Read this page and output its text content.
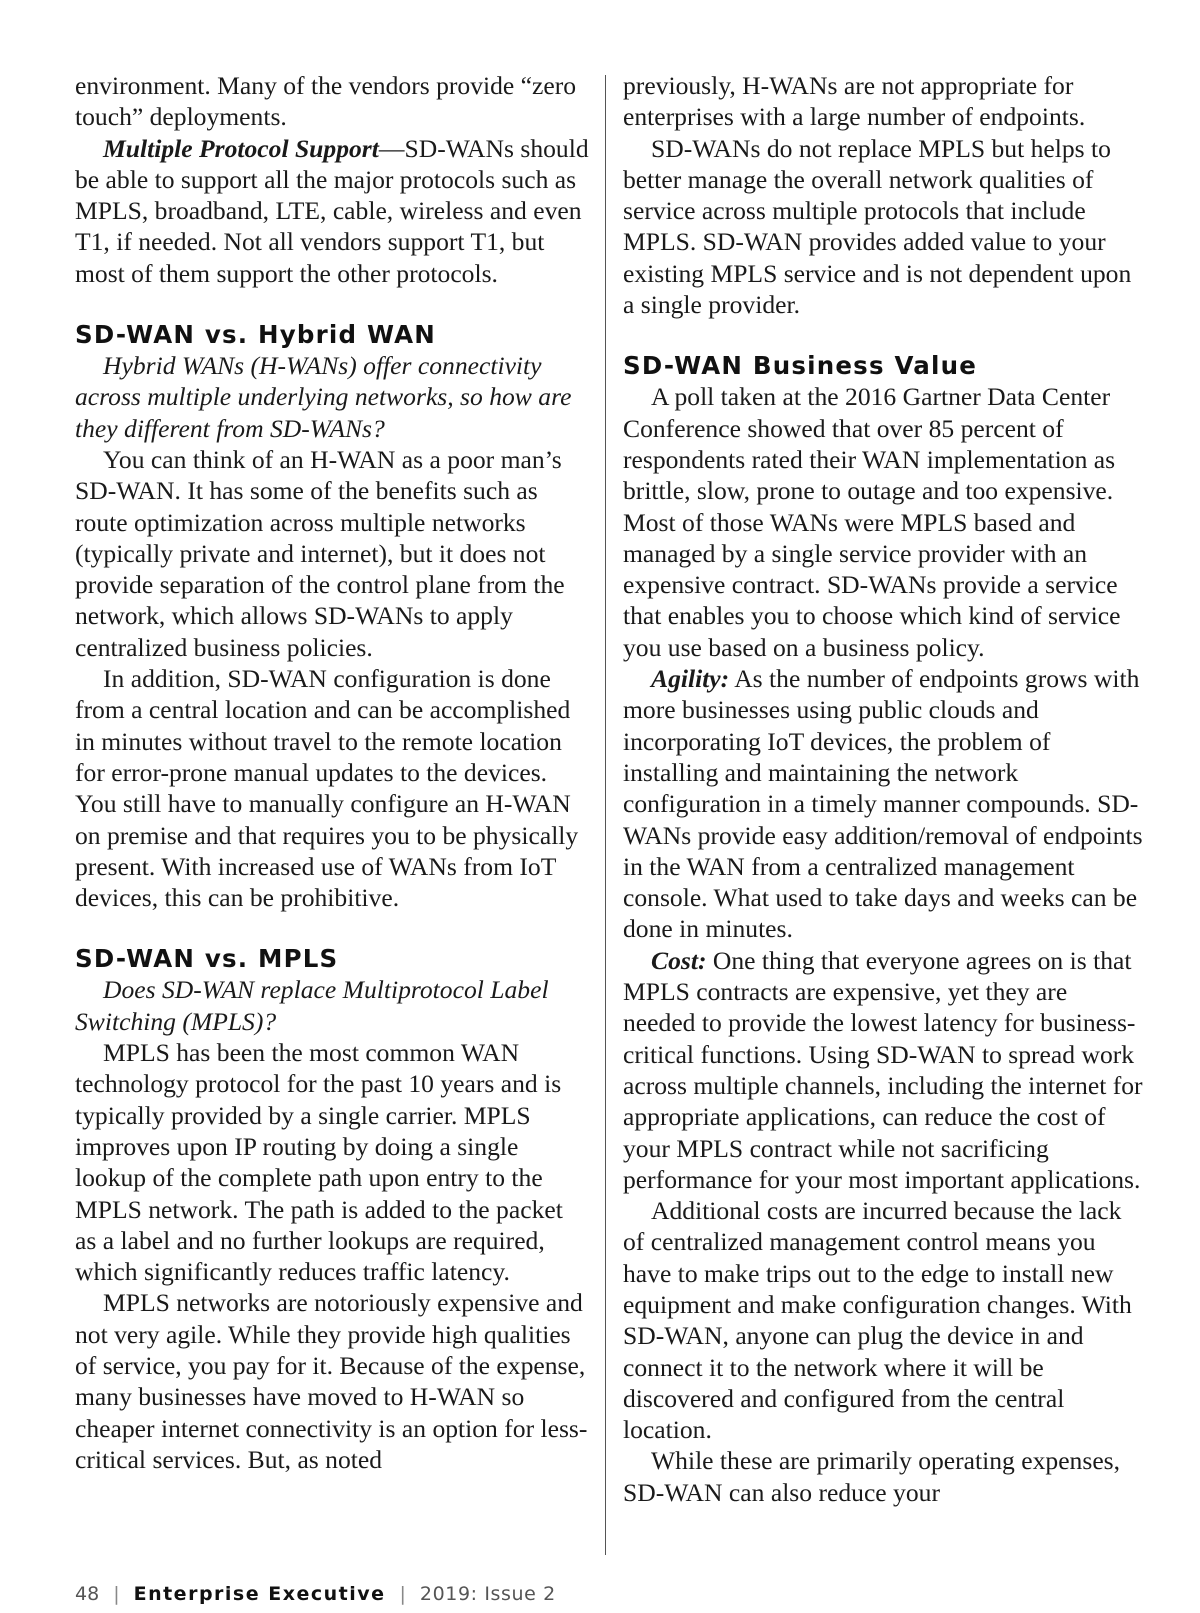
environment. Many of the vendors provide “zero touch” deployments.

Multiple Protocol Support—SD-WANs should be able to support all the major protocols such as MPLS, broadband, LTE, cable, wireless and even T1, if needed. Not all vendors support T1, but most of them support the other protocols.

SD-WAN vs. Hybrid WAN

Hybrid WANs (H-WANs) offer connectivity across multiple underlying networks, so how are they different from SD-WANs?

You can think of an H-WAN as a poor man’s SD-WAN. It has some of the benefits such as route optimization across multiple networks (typically private and internet), but it does not provide separation of the control plane from the network, which allows SD-WANs to apply centralized business policies.

In addition, SD-WAN configuration is done from a central location and can be accomplished in minutes without travel to the remote location for error-prone manual updates to the devices. You still have to manually configure an H-WAN on premise and that requires you to be physically present. With increased use of WANs from IoT devices, this can be prohibitive.

SD-WAN vs. MPLS

Does SD-WAN replace Multiprotocol Label Switching (MPLS)?

MPLS has been the most common WAN technology protocol for the past 10 years and is typically provided by a single carrier. MPLS improves upon IP routing by doing a single lookup of the complete path upon entry to the MPLS network. The path is added to the packet as a label and no further lookups are required, which significantly reduces traffic latency.

MPLS networks are notoriously expensive and not very agile. While they provide high qualities of service, you pay for it. Because of the expense, many businesses have moved to H-WAN so cheaper internet connectivity is an option for less-critical services. But, as noted

previously, H-WANs are not appropriate for enterprises with a large number of endpoints.

SD-WANs do not replace MPLS but helps to better manage the overall network qualities of service across multiple protocols that include MPLS. SD-WAN provides added value to your existing MPLS service and is not dependent upon a single provider.

SD-WAN Business Value

A poll taken at the 2016 Gartner Data Center Conference showed that over 85 percent of respondents rated their WAN implementation as brittle, slow, prone to outage and too expensive. Most of those WANs were MPLS based and managed by a single service provider with an expensive contract. SD-WANs provide a service that enables you to choose which kind of service you use based on a business policy.

Agility: As the number of endpoints grows with more businesses using public clouds and incorporating IoT devices, the problem of installing and maintaining the network configuration in a timely manner compounds. SD-WANs provide easy addition/removal of endpoints in the WAN from a centralized management console. What used to take days and weeks can be done in minutes.

Cost: One thing that everyone agrees on is that MPLS contracts are expensive, yet they are needed to provide the lowest latency for business-critical functions. Using SD-WAN to spread work across multiple channels, including the internet for appropriate applications, can reduce the cost of your MPLS contract while not sacrificing performance for your most important applications.

Additional costs are incurred because the lack of centralized management control means you have to make trips out to the edge to install new equipment and make configuration changes. With SD-WAN, anyone can plug the device in and connect it to the network where it will be discovered and configured from the central location.

While these are primarily operating expenses, SD-WAN can also reduce your

48 | Enterprise Executive | 2019: Issue 2
